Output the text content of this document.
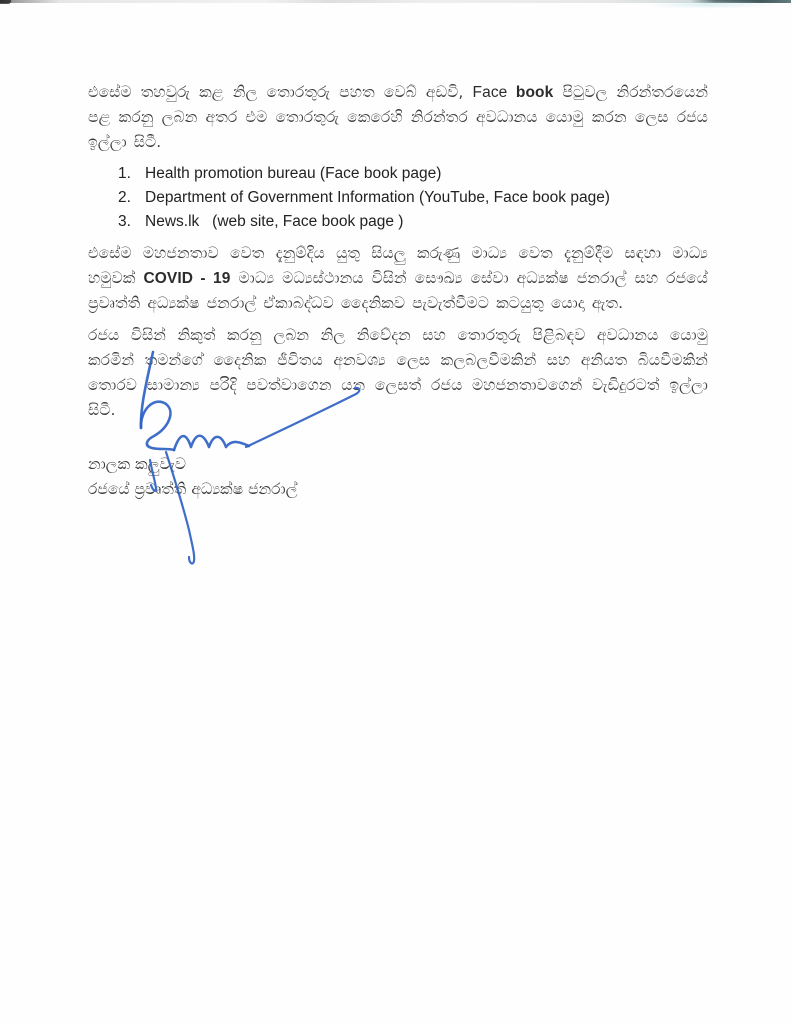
එසේම තහවුරු කළ නිල තොරතුරු පහත වෙබ් අඩවි, Face book පිටුවල නිරන්තරයෙන් පළ කරනු ලබන අතර එම තොරතුරු කෙරෙහි නිරන්තර අවධානය යොමු කරන ලෙස රජය ඉල්ලා සිටී.

1. Health promotion bureau (Face book page)
2. Department of Government Information (YouTube, Face book page)
3. News.lk   (web site, Face book page )

එසේම මහජනතාව වෙත දැනුම්දිය යුතු සියලු කරුණු මාධ්‍ය වෙත දැනුම්දීම සඳහා මාධ්‍ය හමුවක් COVID - 19 මාධ්‍ය මධ්‍යස්ථානය විසින් සෞඛ්‍ය සේවා අධ්‍යක්ෂ ජනරාල් සහ රජයේ ප්‍රවෘත්ති අධ්‍යක්ෂ ජනරාල් ඒකාබද්ධව දෛනිකව පැවැත්වීමට කටයුතු යොදා ඇත.

රජය විසින් නිකුත් කරනු ලබන නිල නිවේදන සහ තොරතුරු පිළිබඳව අවධානය යොමු කරමින් තමන්ගේ දෛනික ජීවිතය අනවශ්‍ය ලෙස කලබලවීමකින් සහ අනියත බියවීමකින් තොරව සාමාන්‍ය පරිදි පවත්වාගෙන යන ලෙසත් රජය මහජනතාවගෙන් වැඩිදුරටත් ඉල්ලා සිටී.

නාලක කලුවැව
රජයේ ප්‍රවෘත්ති අධ්‍යක්ෂ ජනරාල්
